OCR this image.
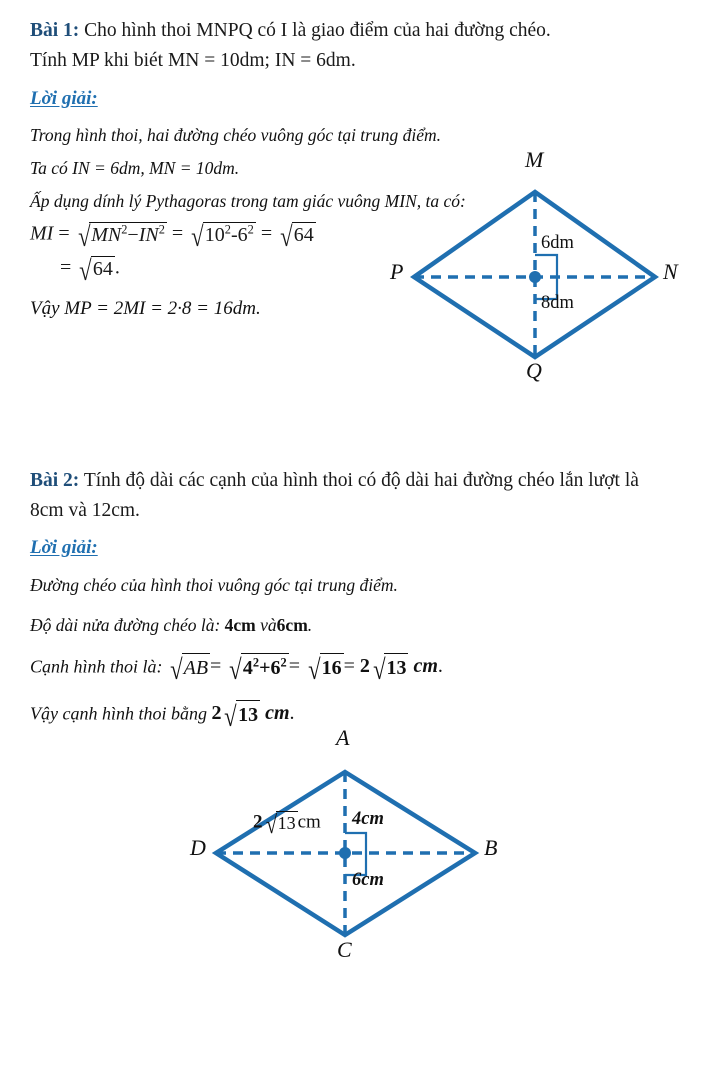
Bài 1: Cho hình thoi MNPQ có I là giao điểm của hai đường chéo.
Tính MP khi biét MN = 10dm; IN = 6dm.
Lời giải:
Trong hình thoi, hai đường chéo vuông góc tại trung điểm.
Ta có IN = 6dm, MN = 10dm.
Ấp dụng dính lý Pythagoras trong tam giác vuông MIN, ta có:
MI = $√MN^2-IN^2 = √10^2-6^2 = √64$
= √64 .
Vậy MP = 2MI = 2·8 = 16dm.
M
N
Q
P
6dm
8dm
Bài 2: Tính độ dài các cạnh của hình thoi có độ dài hai đường chéo lắn lượt là
8cm và 12cm.
Lời giải:
Đường chéo của hình thoi vuông góc tại trung điểm.
Độ dài nửa đường chéo là: 4cm và6cm.
Cạnh hình thoi là: $√AB = √4^2+6^2 = √16 = 2$ √13 cm.
Vậy cạnh hình thoi bằng 2 √13 cm.
A
B
C
D
2 √13 cm 4cm
6cm
